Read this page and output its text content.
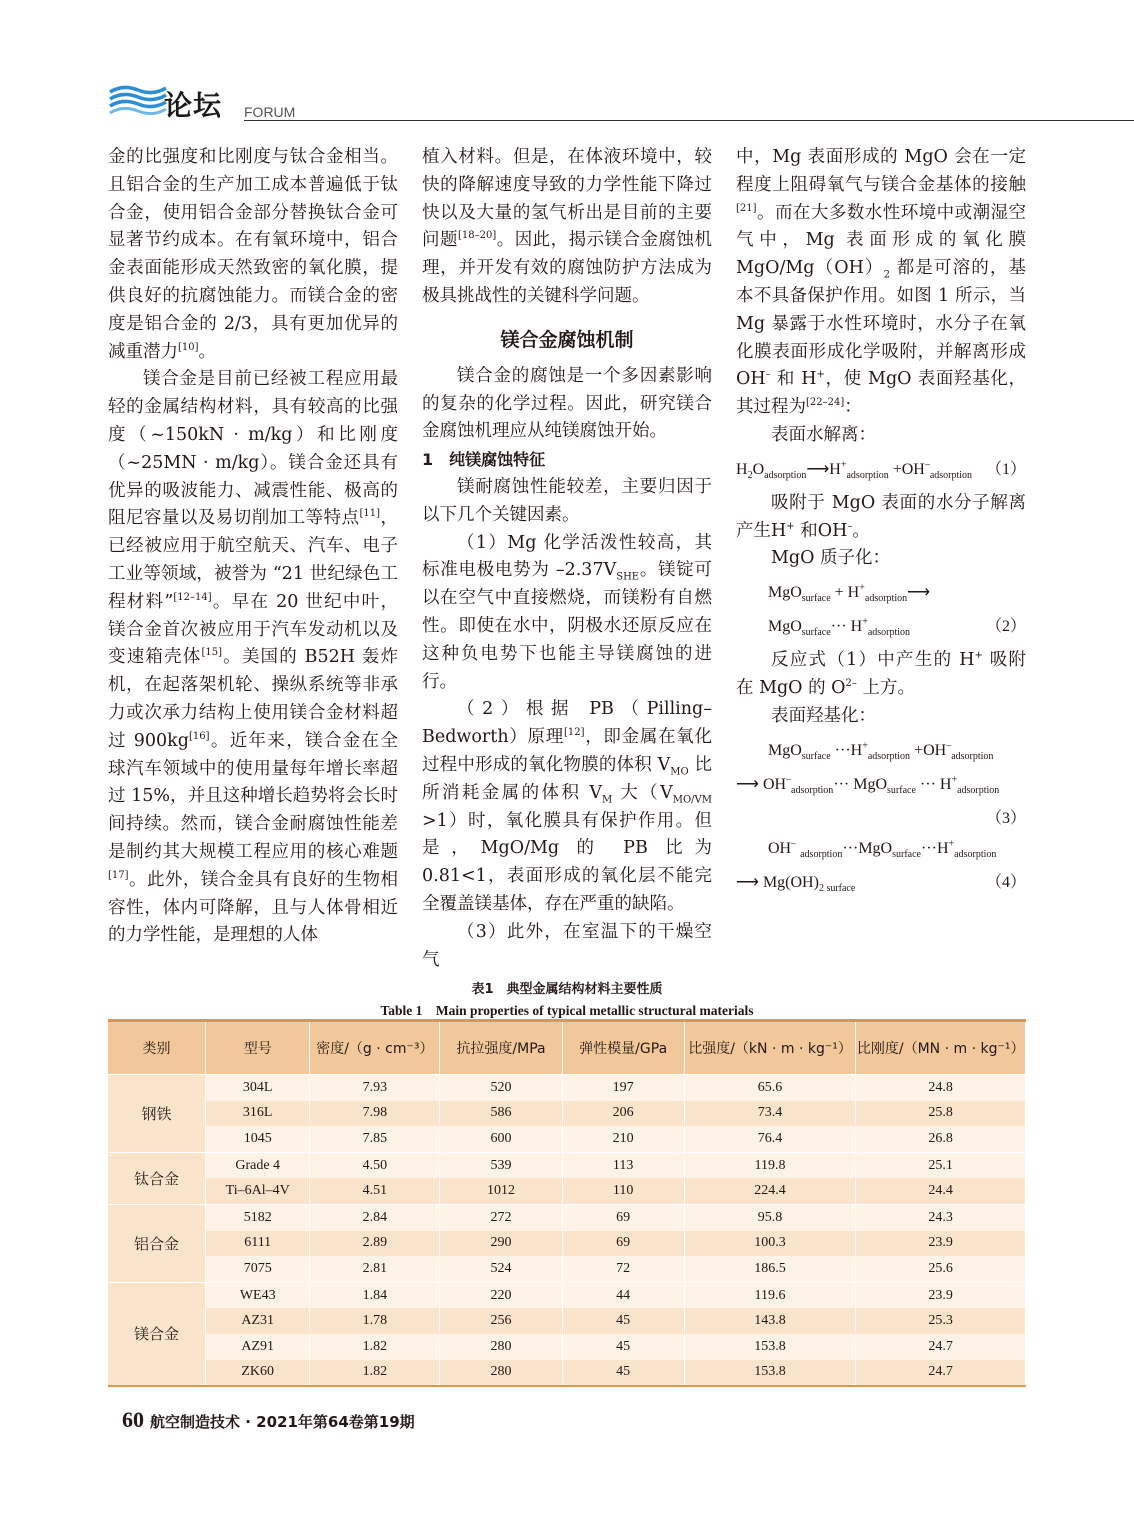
论坛 FORUM

金的比强度和比刚度与钛合金相当。且铝合金的生产加工成本普遍低于钛合金，使用铝合金部分替换钛合金可显著节约成本。在有氧环境中，铝合金表面能形成天然致密的氧化膜，提供良好的抗腐蚀能力。而镁合金的密度是铝合金的 2/3，具有更加优异的减重潜力[10]。

镁合金是目前已经被工程应用最轻的金属结构材料，具有较高的比强度（~150kN · m/kg）和比刚度（~25MN · m/kg）。镁合金还具有优异的吸波能力、减震性能、极高的阻尼容量以及易切削加工等特点[11]，已经被应用于航空航天、汽车、电子工业等领域，被誉为 “21 世纪绿色工程材料”[12–14]。早在 20 世纪中叶，镁合金首次被应用于汽车发动机以及变速箱壳体[15]。美国的 B52H 轰炸机，在起落架机轮、操纵系统等非承力或次承力结构上使用镁合金材料超过 900kg[16]。近年来，镁合金在全球汽车领域中的使用量每年增长率超过 15%，并且这种增长趋势将会长时间持续。然而，镁合金耐腐蚀性能差是制约其大规模工程应用的核心难题[17]。此外，镁合金具有良好的生物相容性，体内可降解，且与人体骨相近的力学性能，是理想的人体

植入材料。但是，在体液环境中，较快的降解速度导致的力学性能下降过快以及大量的氢气析出是目前的主要问题[18–20]。因此，揭示镁合金腐蚀机理，并开发有效的腐蚀防护方法成为极具挑战性的关键科学问题。

镁合金腐蚀机制

镁合金的腐蚀是一个多因素影响的复杂的化学过程。因此，研究镁合金腐蚀机理应从纯镁腐蚀开始。

1　纯镁腐蚀特征

镁耐腐蚀性能较差，主要归因于以下几个关键因素。

（1）Mg 化学活泼性较高，其标准电极电势为 $-2.37V_{SHE}$。镁锭可以在空气中直接燃烧，而镁粉有自燃性。即使在水中，阴极水还原反应在这种负电势下也能主导镁腐蚀的进行。

（2）根据 PB（Pilling–Bedworth）原理[12]，即金属在氧化过程中形成的氧化物膜的体积 $V_{MO}$ 比所消耗金属的体积 $V_M$ 大$(V_{MO/VM} >1)$时，氧化膜具有保护作用。但是，MgO/Mg 的 PB 比为 0.81<1，表面形成的氧化层不能完全覆盖镁基体，存在严重的缺陷。

（3）此外，在室温下的干燥空气

中，Mg 表面形成的 MgO 会在一定程度上阻碍氧气与镁合金基体的接触[21]。而在大多数水性环境中或潮湿空气中，Mg 表面形成的氧化膜 MgO/$Mg(OH)_2$ 都是可溶的，基本不具备保护作用。如图 1 所示，当 Mg 暴露于水性环境时，水分子在氧化膜表面形成化学吸附，并解离形成 OH– 和 H+，使 MgO 表面羟基化，其过程为[22–24]：

表面水解离：

$H_2O_{adsorption}⟶H^+_{adsorption} +OH^-_{adsorption}$ （1）

吸附于 MgO 表面的水分子解离产生H+ 和OH–。

MgO 质子化：

$MgO_{surface} + H^+_{adsorption}⟶$
$MgO_{surface}\cdot\cdot\cdot H^+_{adsorption}$	（2）

反应式（1）中产生的 H+ 吸附在 MgO 的 $O^{2-}$ 上方。

表面羟基化：

$MgO_{surface} \cdot\cdot\cdot H^+_{adsorption} +OH^-_{adsorption}$
⟶ $OH^-_{adsorption}\cdot\cdot\cdot MgO_{surface}$ ··· $H^+_{adsorption}$
（3）
OH– $_{adsorption}\cdot\cdot\cdot MgO_{surface}\cdot\cdot\cdot H^+_{adsorption}$
⟶ $Mg(OH)_{2 surface}$	（4）
表1　典型金属结构材料主要性质
Table 1　Main properties of typical metallic structural materials
类别	型号	密度/（g · cm⁻³）	抗拉强度/MPa	弹性模量/GPa	比强度/（kN · m · kg⁻¹）	比刚度/（MN · m · kg⁻¹）
钢铁	304L	7.93	520	197	65.6	24.8
	316L	7.98	586	206	73.4	25.8
	1045	7.85	600	210	76.4	26.8
钛合金	Grade 4	4.50	539	113	119.8	25.1
	Ti–6Al–4V	4.51	1012	110	224.4	24.4
铝合金	5182	2.84	272	69	95.8	24.3
	6111	2.89	290	69	100.3	23.9
	7075	2.81	524	72	186.5	25.6
镁合金	WE43	1.84	220	44	119.6	23.9
	AZ31	1.78	256	45	143.8	25.3
	AZ91	1.82	280	45	153.8	24.7
	ZK60	1.82	280	45	153.8	24.7
60 航空制造技术 · 2021年第64卷第19期
